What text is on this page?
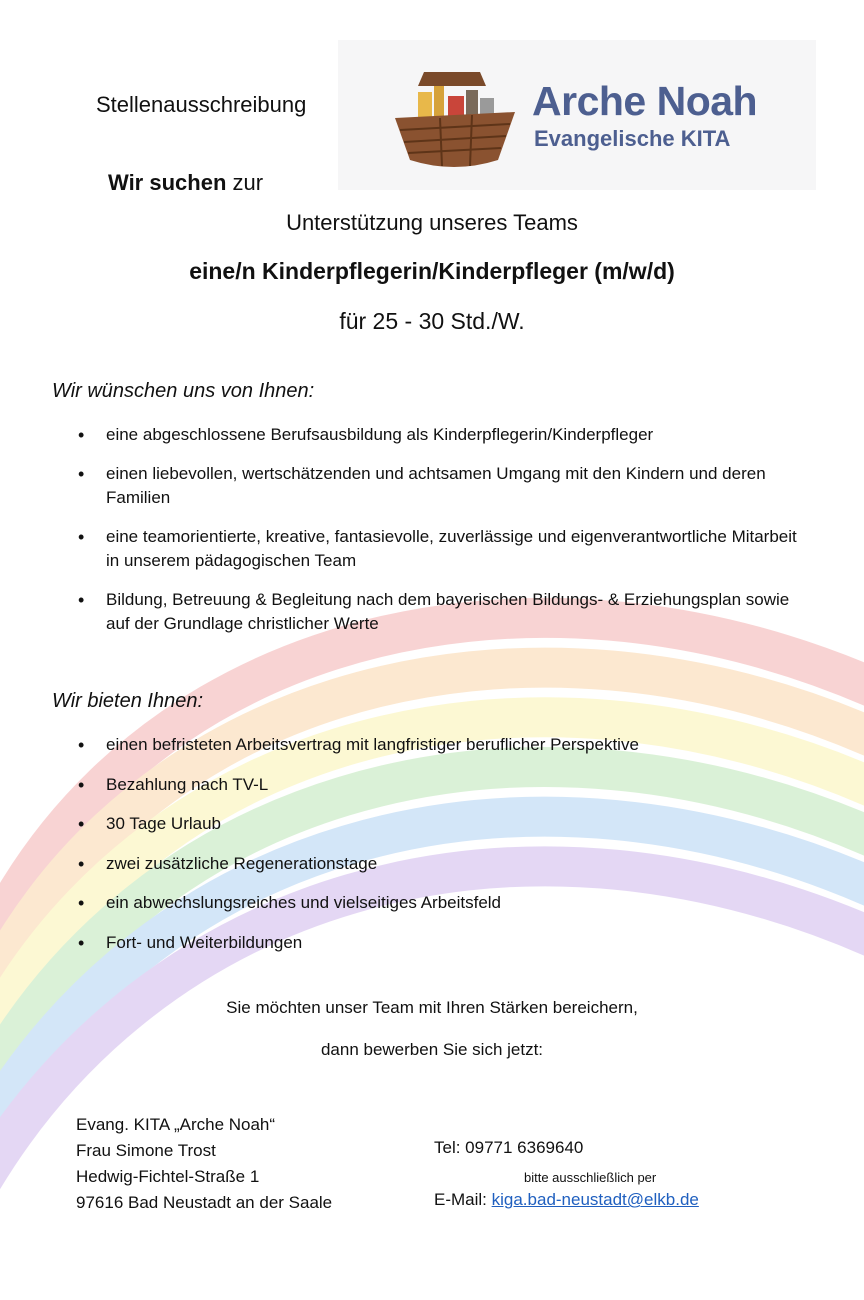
Stellenausschreibung	Arche Noah
Evangelische KITA
Wir suchen zur
Unterstützung unseres Teams
eine/n Kinderpflegerin/Kinderpfleger (m/w/d)
für 25 - 30 Std./W.
Wir wünschen uns von Ihnen:
• eine abgeschlossene Berufsausbildung als Kinderpflegerin/Kinderpfleger
• einen liebevollen, wertschätzenden und achtsamen Umgang mit den Kindern und deren Familien
• eine teamorientierte, kreative, fantasievolle, zuverlässige und eigenverantwortliche Mitarbeit in unserem pädagogischen Team
• Bildung, Betreuung & Begleitung nach dem bayerischen Bildungs- & Erziehungsplan sowie auf der Grundlage christlicher Werte
Wir bieten Ihnen:
• einen befristeten Arbeitsvertrag mit langfristiger beruflicher Perspektive
• Bezahlung nach TV-L
• 30 Tage Urlaub
• zwei zusätzliche Regenerationstage
• ein abwechslungsreiches und vielseitiges Arbeitsfeld
• Fort- und Weiterbildungen
Sie möchten unser Team mit Ihren Stärken bereichern,
dann bewerben Sie sich jetzt:
Evang. KITA „Arche Noah“
Frau Simone Trost
Hedwig-Fichtel-Straße 1
97616 Bad Neustadt an der Saale
Tel: 09771 6369640
bitte ausschließlich per
E-Mail: kiga.bad-neustadt@elkb.de
